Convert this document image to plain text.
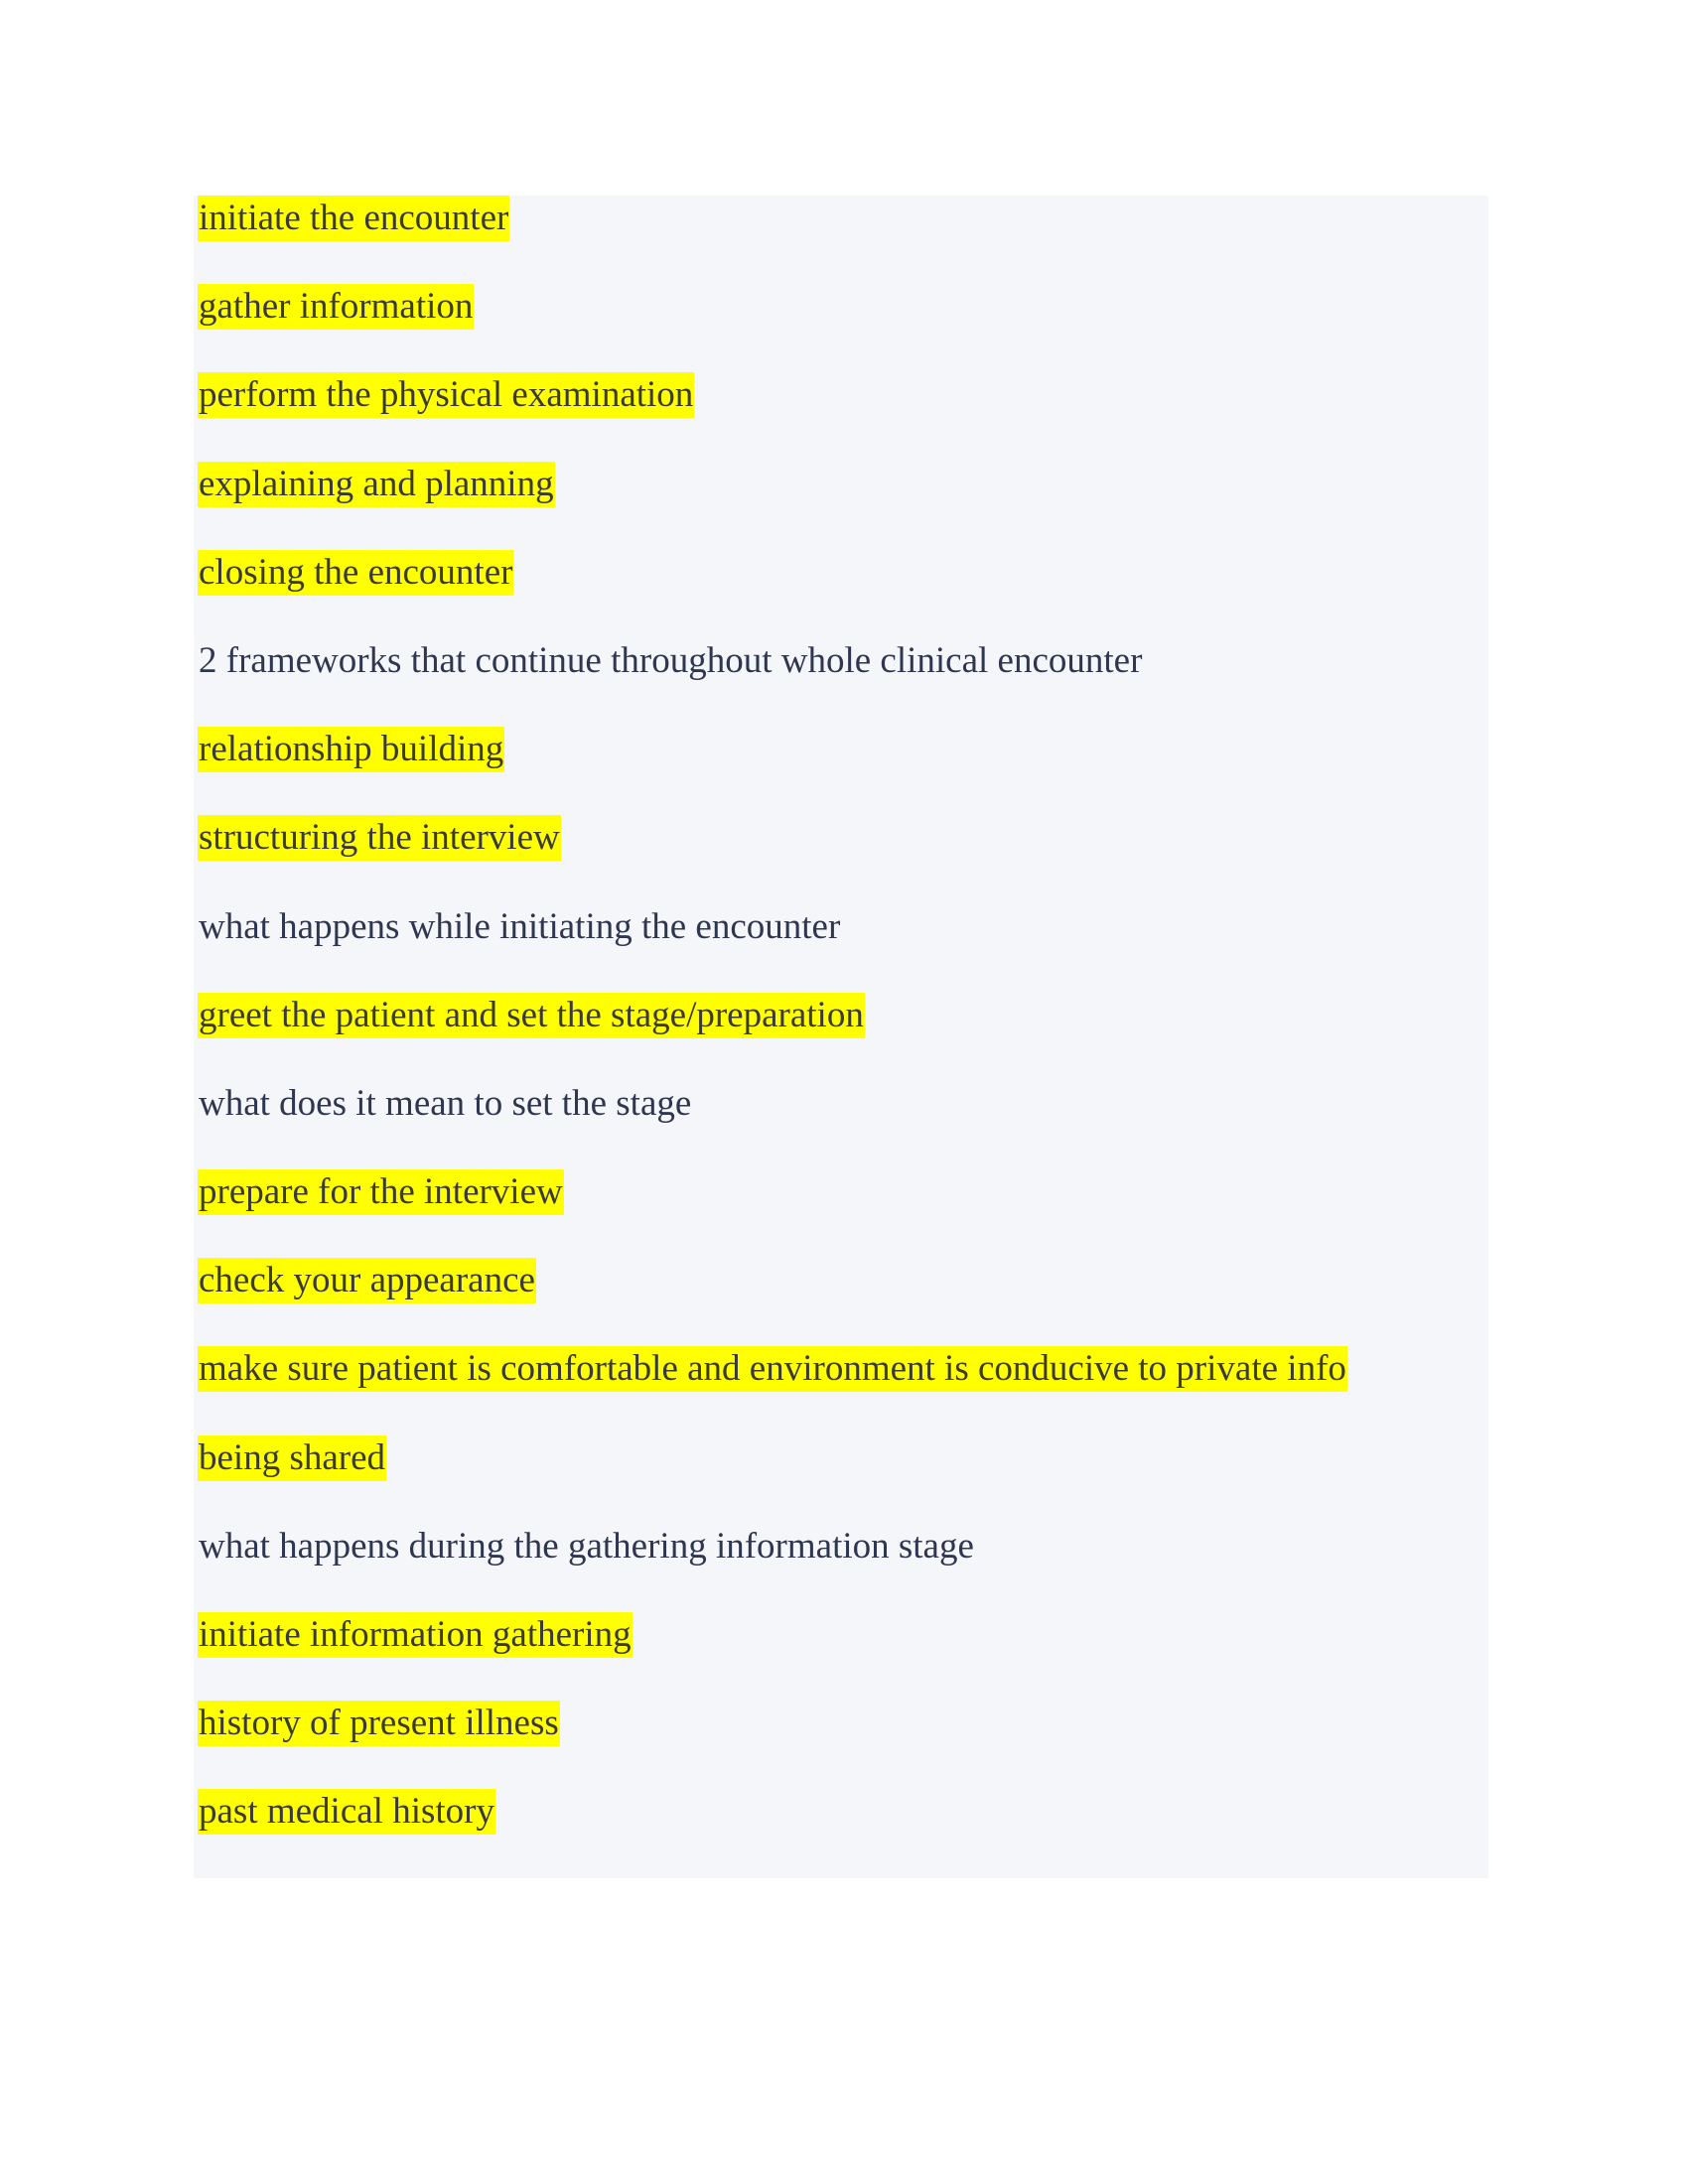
initiate the encounter
gather information
perform the physical examination
explaining and planning
closing the encounter
2 frameworks that continue throughout whole clinical encounter
relationship building
structuring the interview
what happens while initiating the encounter
greet the patient and set the stage/preparation
what does it mean to set the stage
prepare for the interview
check your appearance
make sure patient is comfortable and environment is conducive to private info
being shared
what happens during the gathering information stage
initiate information gathering
history of present illness
past medical history
